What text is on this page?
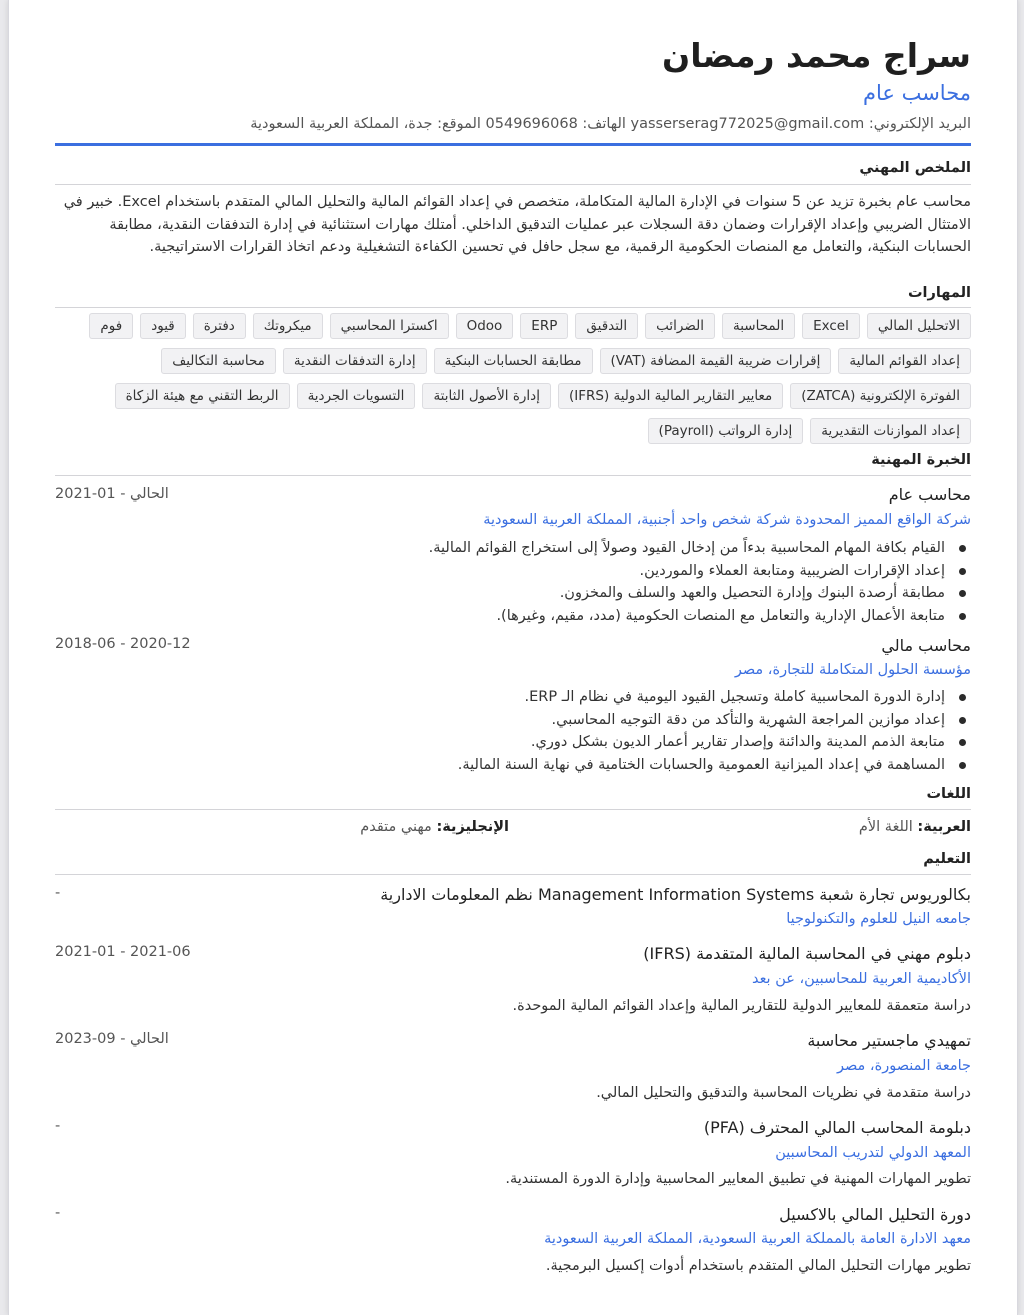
سراج محمد رمضان
محاسب عام
البريد الإلكتروني: yasserserag772025@gmail.com الهاتف: 0549696068 الموقع: جدة، المملكة العربية السعودية
الملخص المهني
محاسب عام بخبرة تزيد عن 5 سنوات في الإدارة المالية المتكاملة، متخصص في إعداد القوائم المالية والتحليل المالي المتقدم باستخدام Excel. خبير في الامتثال الضريبي وإعداد الإقرارات وضمان دقة السجلات عبر عمليات التدقيق الداخلي. أمتلك مهارات استثنائية في إدارة التدفقات النقدية، مطابقة الحسابات البنكية، والتعامل مع المنصات الحكومية الرقمية، مع سجل حافل في تحسين الكفاءة التشغيلية ودعم اتخاذ القرارات الاستراتيجية.
المهارات
الاتحليل المالي
Excel
المحاسبة
الضرائب
التدقيق
ERP
Odoo
اكسترا المحاسبي
ميكروتك
دفترة
قيود
فوم
إعداد القوائم المالية
إقرارات ضريبة القيمة المضافة (VAT)
مطابقة الحسابات البنكية
إدارة التدفقات النقدية
محاسبة التكاليف
الفوترة الإلكترونية (ZATCA)
معايير التقارير المالية الدولية (IFRS)
إدارة الأصول الثابتة
التسويات الجردية
الربط التقني مع هيئة الزكاة
إعداد الموازنات التقديرية
إدارة الرواتب (Payroll)
الخبرة المهنية
محاسب عام
2021-01 - الحالي
شركة الواقع المميز المحدودة شركة شخص واحد أجنبية، المملكة العربية السعودية
القيام بكافة المهام المحاسبية بدءاً من إدخال القيود وصولاً إلى استخراج القوائم المالية.
إعداد الإقرارات الضريبية ومتابعة العملاء والموردين.
مطابقة أرصدة البنوك وإدارة التحصيل والعهد والسلف والمخزون.
متابعة الأعمال الإدارية والتعامل مع المنصات الحكومية (مدد، مقيم، وغيرها).
محاسب مالي
2018-06 - 2020-12
مؤسسة الحلول المتكاملة للتجارة، مصر
إدارة الدورة المحاسبية كاملة وتسجيل القيود اليومية في نظام الـ ERP.
إعداد موازين المراجعة الشهرية والتأكد من دقة التوجيه المحاسبي.
متابعة الذمم المدينة والدائنة وإصدار تقارير أعمار الديون بشكل دوري.
المساهمة في إعداد الميزانية العمومية والحسابات الختامية في نهاية السنة المالية.
اللغات
العربية: اللغة الأم
الإنجليزية: مهني متقدم
التعليم
بكالوريوس تجارة شعبة Management Information Systems نظم المعلومات الادارية
-
جامعه النيل للعلوم والتكنولوجيا
دبلوم مهني في المحاسبة المالية المتقدمة (IFRS)
2021-01 - 2021-06
الأكاديمية العربية للمحاسبين، عن بعد
دراسة متعمقة للمعايير الدولية للتقارير المالية وإعداد القوائم المالية الموحدة.
تمهيدي ماجستير محاسبة
2023-09 - الحالي
جامعة المنصورة، مصر
دراسة متقدمة في نظريات المحاسبة والتدقيق والتحليل المالي.
دبلومة المحاسب المالي المحترف (PFA)
-
المعهد الدولي لتدريب المحاسبين
تطوير المهارات المهنية في تطبيق المعايير المحاسبية وإدارة الدورة المستندية.
دورة التحليل المالي بالاكسيل
-
معهد الادارة العامة بالمملكة العربية السعودية، المملكة العربية السعودية
تطوير مهارات التحليل المالي المتقدم باستخدام أدوات إكسيل البرمجية.
